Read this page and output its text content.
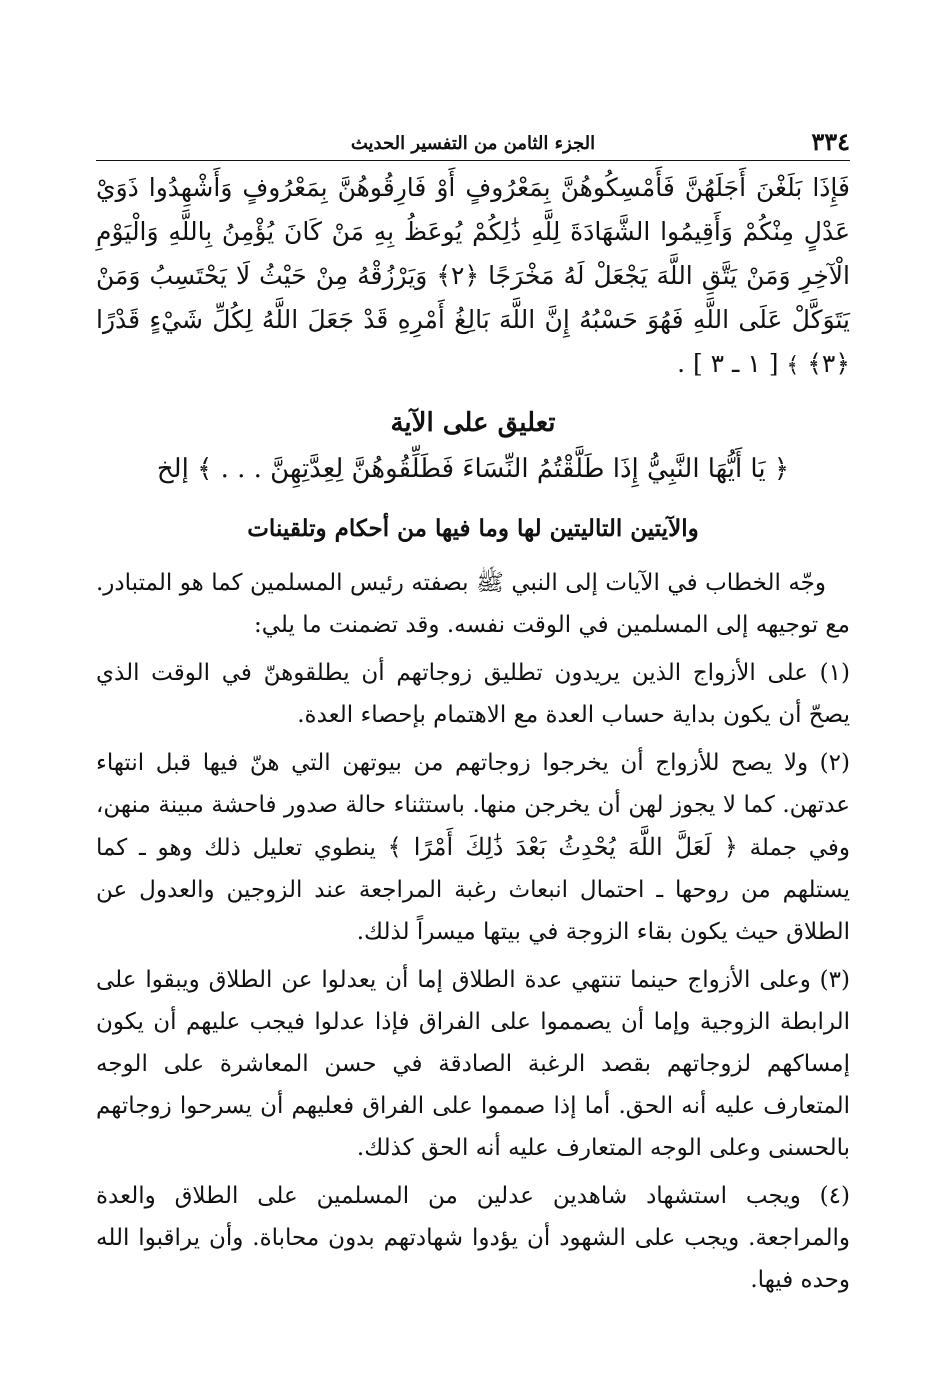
٣٣٤
الجزء الثامن من التفسير الحديث
فَإِذَا بَلَغْنَ أَجَلَهُنَّ فَأَمْسِكُوهُنَّ بِمَعْرُوفٍ أَوْ فَارِقُوهُنَّ بِمَعْرُوفٍ وَأَشْهِدُوا ذَوَيْ عَدْلٍ مِنْكُمْ وَأَقِيمُوا الشَّهَادَةَ لِلَّهِ ذَٰلِكُمْ يُوعَظُ بِهِ مَنْ كَانَ يُؤْمِنُ بِاللَّهِ وَالْيَوْمِ الْآخِرِ وَمَنْ يَتَّقِ اللَّهَ يَجْعَلْ لَهُ مَخْرَجًا ﴿٢﴾ وَيَرْزُقْهُ مِنْ حَيْثُ لَا يَحْتَسِبُ وَمَنْ يَتَوَكَّلْ عَلَى اللَّهِ فَهُوَ حَسْبُهُ إِنَّ اللَّهَ بَالِغُ أَمْرِهِ قَدْ جَعَلَ اللَّهُ لِكُلِّ شَيْءٍ قَدْرًا ﴿٣﴾ ﴾ [ ١ ـ ٣ ] .
تعليق على الآية
﴿ يَا أَيُّهَا النَّبِيُّ إِذَا طَلَّقْتُمُ النِّسَاءَ فَطَلِّقُوهُنَّ لِعِدَّتِهِنَّ . . . ﴾ إلخ
والآيتين التاليتين لها وما فيها من أحكام وتلقينات

وجّه الخطاب في الآيات إلى النبي ﷺ بصفته رئيس المسلمين كما هو المتبادر. مع توجيهه إلى المسلمين في الوقت نفسه. وقد تضمنت ما يلي:

(١) على الأزواج الذين يريدون تطليق زوجاتهم أن يطلقوهنّ في الوقت الذي يصحّ أن يكون بداية حساب العدة مع الاهتمام بإحصاء العدة.

(٢) ولا يصح للأزواج أن يخرجوا زوجاتهم من بيوتهن التي هنّ فيها قبل انتهاء عدتهن. كما لا يجوز لهن أن يخرجن منها. باستثناء حالة صدور فاحشة مبينة منهن، وفي جملة ﴿ لَعَلَّ اللَّهَ يُحْدِثُ بَعْدَ ذَٰلِكَ أَمْرًا ﴾ ينطوي تعليل ذلك وهو ـ كما يستلهم من روحها ـ احتمال انبعاث رغبة المراجعة عند الزوجين والعدول عن الطلاق حيث يكون بقاء الزوجة في بيتها ميسراً لذلك.

(٣) وعلى الأزواج حينما تنتهي عدة الطلاق إما أن يعدلوا عن الطلاق ويبقوا على الرابطة الزوجية وإما أن يصمموا على الفراق فإذا عدلوا فيجب عليهم أن يكون إمساكهم لزوجاتهم بقصد الرغبة الصادقة في حسن المعاشرة على الوجه المتعارف عليه أنه الحق. أما إذا صمموا على الفراق فعليهم أن يسرحوا زوجاتهم بالحسنى وعلى الوجه المتعارف عليه أنه الحق كذلك.

(٤) ويجب استشهاد شاهدين عدلين من المسلمين على الطلاق والعدة والمراجعة. ويجب على الشهود أن يؤدوا شهادتهم بدون محاباة. وأن يراقبوا الله وحده فيها.
